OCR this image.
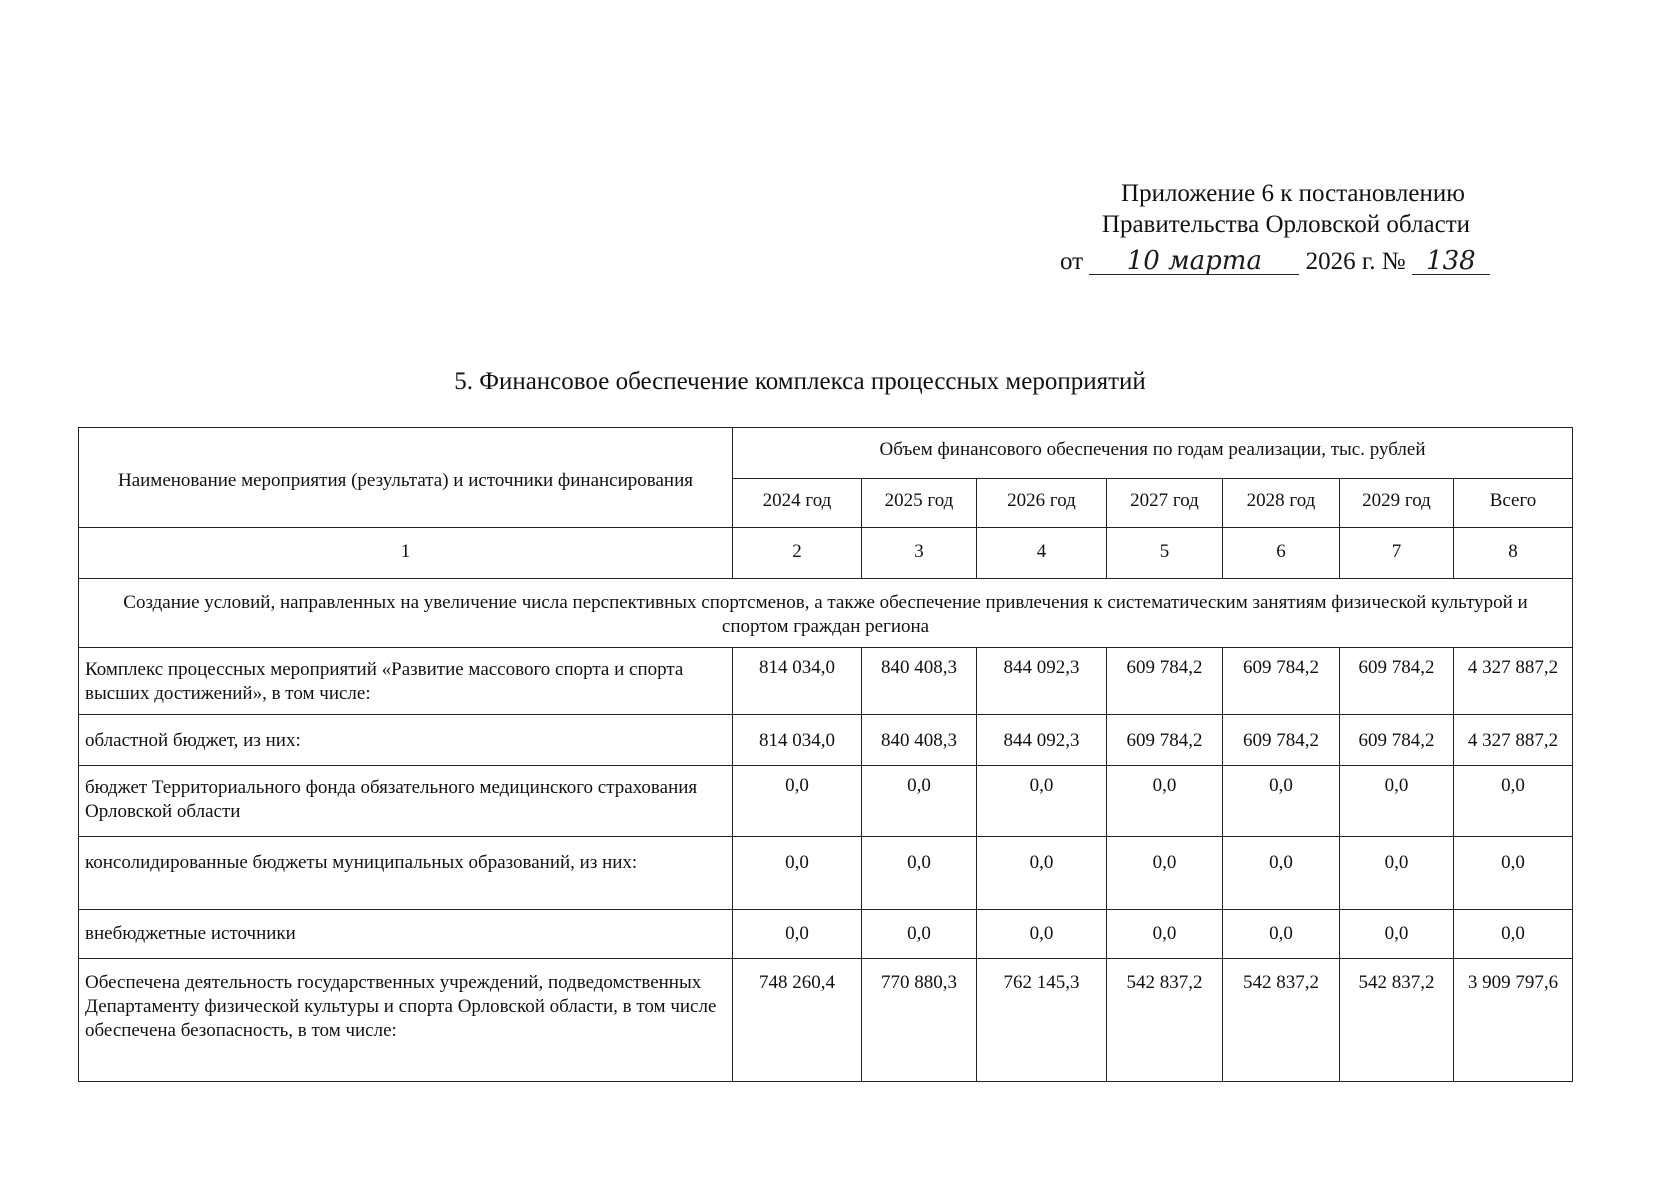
Приложение 6 к постановлению
Правительства Орловской области
от 10 марта 2026 г. № 138
5. Финансовое обеспечение комплекса процессных мероприятий
Наименование мероприятия (результата) и источники финансирования	Объем финансового обеспечения по годам реализации, тыс. рублей						
	2024 год	2025 год	2026 год	2027 год	2028 год	2029 год	Всего
1	2	3	4	5	6	7	8
Создание условий, направленных на увеличение числа перспективных спортсменов, а также обеспечение привлечения к систематическим занятиям физической культурой и спортом граждан региона							
Комплекс процессных мероприятий «Развитие массового спорта и спорта высших достижений», в том числе:	814 034,0	840 408,3	844 092,3	609 784,2	609 784,2	609 784,2	4 327 887,2
областной бюджет, из них:	814 034,0	840 408,3	844 092,3	609 784,2	609 784,2	609 784,2	4 327 887,2
бюджет Территориального фонда обязательного медицинского страхования Орловской области	0,0	0,0	0,0	0,0	0,0	0,0	0,0
консолидированные бюджеты муниципальных образований, из них:	0,0	0,0	0,0	0,0	0,0	0,0	0,0
внебюджетные источники	0,0	0,0	0,0	0,0	0,0	0,0	0,0
Обеспечена деятельность государственных учреждений, подведомственных Департаменту физической культуры и спорта Орловской области, в том числе обеспечена безопасность, в том числе:	748 260,4	770 880,3	762 145,3	542 837,2	542 837,2	542 837,2	3 909 797,6
